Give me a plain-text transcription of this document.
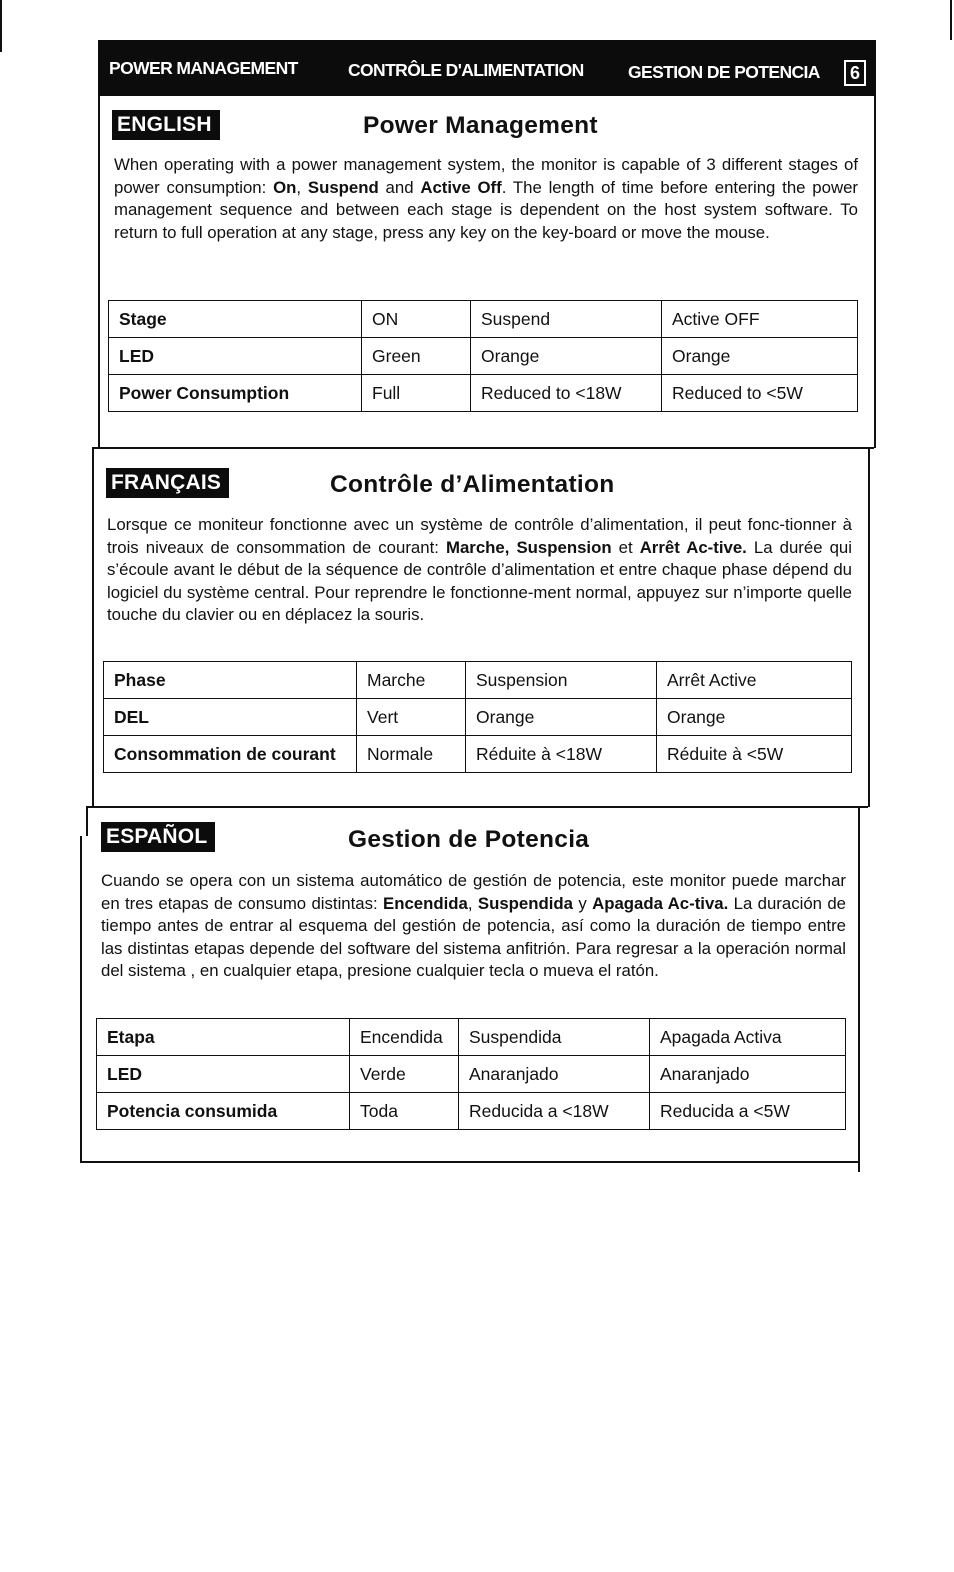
POWER MANAGEMENT	CONTRÔLE D'ALIMENTATION	GESTION DE POTENCIA	6
ENGLISH	Power Management

When operating with a power management system, the monitor is capable of 3 different stages of power consumption: On, Suspend and Active Off. The length of time before entering the power management sequence and between each stage is dependent on the host system software. To return to full operation at any stage, press any key on the key-board or move the mouse.

Stage	ON	Suspend	Active OFF
LED	Green	Orange	Orange
Power Consumption	Full	Reduced to <18W	Reduced to <5W
FRANÇAIS	Contrôle d’Alimentation

Lorsque ce moniteur fonctionne avec un système de contrôle d’alimentation, il peut fonc-tionner à trois niveaux de consommation de courant: Marche, Suspension et Arrêt Ac-tive. La durée qui s’écoule avant le début de la séquence de contrôle d’alimentation et entre chaque phase dépend du logiciel du système central. Pour reprendre le fonctionne-ment normal, appuyez sur n’importe quelle touche du clavier ou en déplacez la souris.

Phase	Marche	Suspension	Arrêt Active
DEL	Vert	Orange	Orange
Consommation de courant	Normale	Réduite à <18W	Réduite à <5W
ESPAÑOL	Gestion de Potencia

Cuando se opera con un sistema automático de gestión de potencia, este monitor puede marchar en tres etapas de consumo distintas: Encendida, Suspendida y Apagada Ac-tiva. La duración de tiempo antes de entrar al esquema del gestión de potencia, así como la duración de tiempo entre las distintas etapas depende del software del sistema anfitrión. Para regresar a la operación normal del sistema , en cualquier etapa, presione cualquier tecla o mueva el ratón.

Etapa	Encendida	Suspendida	Apagada Activa
LED	Verde	Anaranjado	Anaranjado
Potencia consumida	Toda	Reducida a <18W	Reducida a <5W
